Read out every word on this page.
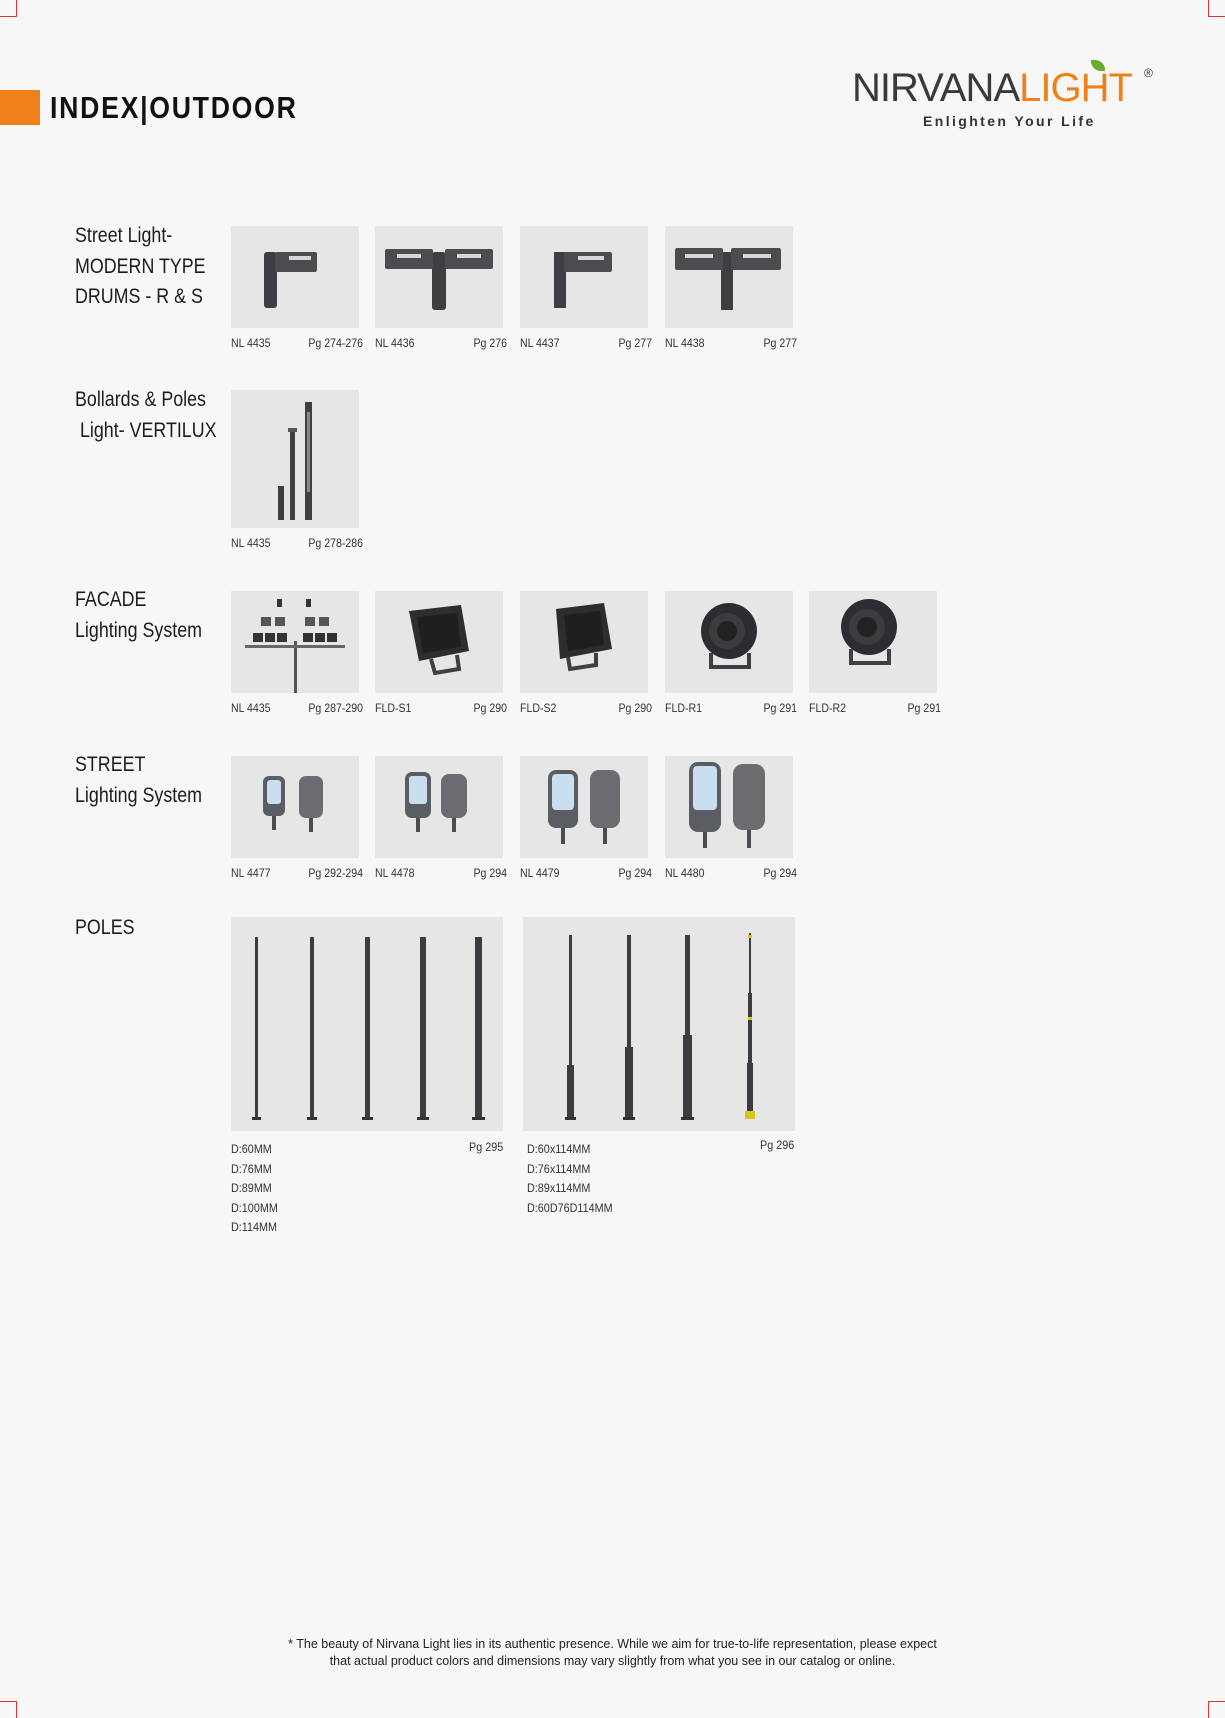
INDEX|OUTDOOR	NIRVANALIGHT ®
Enlighten Your Life
Street Light-
MODERN TYPE
DRUMS - R & S
NL 4435	Pg 274-276 NL 4436	Pg 276 NL 4437	Pg 277 NL 4438	Pg 277
Bollards & Poles
Light- VERTILUX
NL 4435	Pg 278-286
FACADE
Lighting System
NL 4435	Pg 287-290 FLD-S1	Pg 290 FLD-S2	Pg 290 FLD-R1	Pg 291 FLD-R2	Pg 291
STREET
Lighting System
NL 4477	Pg 292-294 NL 4478	Pg 294 NL 4479	Pg 294 NL 4480	Pg 294
POLES
D:60MM
D:76MM
D:89MM
D:100MM
D:114MM
Pg 295 D:60x114MM
D:76x114MM
D:89x114MM
D:60D76D114MM
Pg 296
* The beauty of Nirvana Light lies in its authentic presence. While we aim for true-to-life representation, please expect
that actual product colors and dimensions may vary slightly from what you see in our catalog or online.
